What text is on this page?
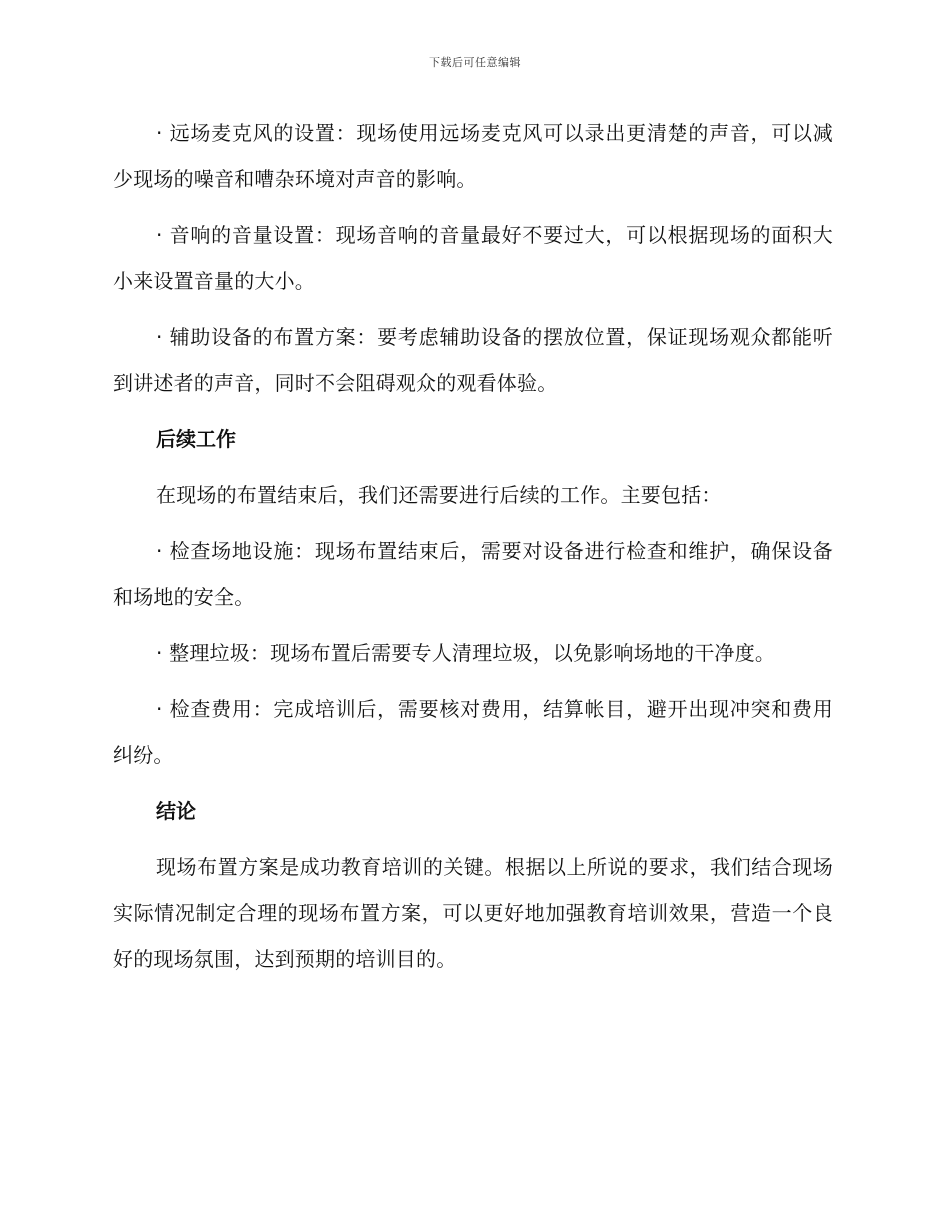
下载后可任意编辑

· 远场麦克风的设置：现场使用远场麦克风可以录出更清楚的声音，可以减少现场的噪音和嘈杂环境对声音的影响。

· 音响的音量设置：现场音响的音量最好不要过大，可以根据现场的面积大小来设置音量的大小。

· 辅助设备的布置方案：要考虑辅助设备的摆放位置，保证现场观众都能听到讲述者的声音，同时不会阻碍观众的观看体验。

后续工作

在现场的布置结束后，我们还需要进行后续的工作。主要包括：

· 检查场地设施：现场布置结束后，需要对设备进行检查和维护，确保设备和场地的安全。

· 整理垃圾：现场布置后需要专人清理垃圾，以免影响场地的干净度。

· 检查费用：完成培训后，需要核对费用，结算帐目，避开出现冲突和费用纠纷。

结论

现场布置方案是成功教育培训的关键。根据以上所说的要求，我们结合现场实际情况制定合理的现场布置方案，可以更好地加强教育培训效果，营造一个良好的现场氛围，达到预期的培训目的。
